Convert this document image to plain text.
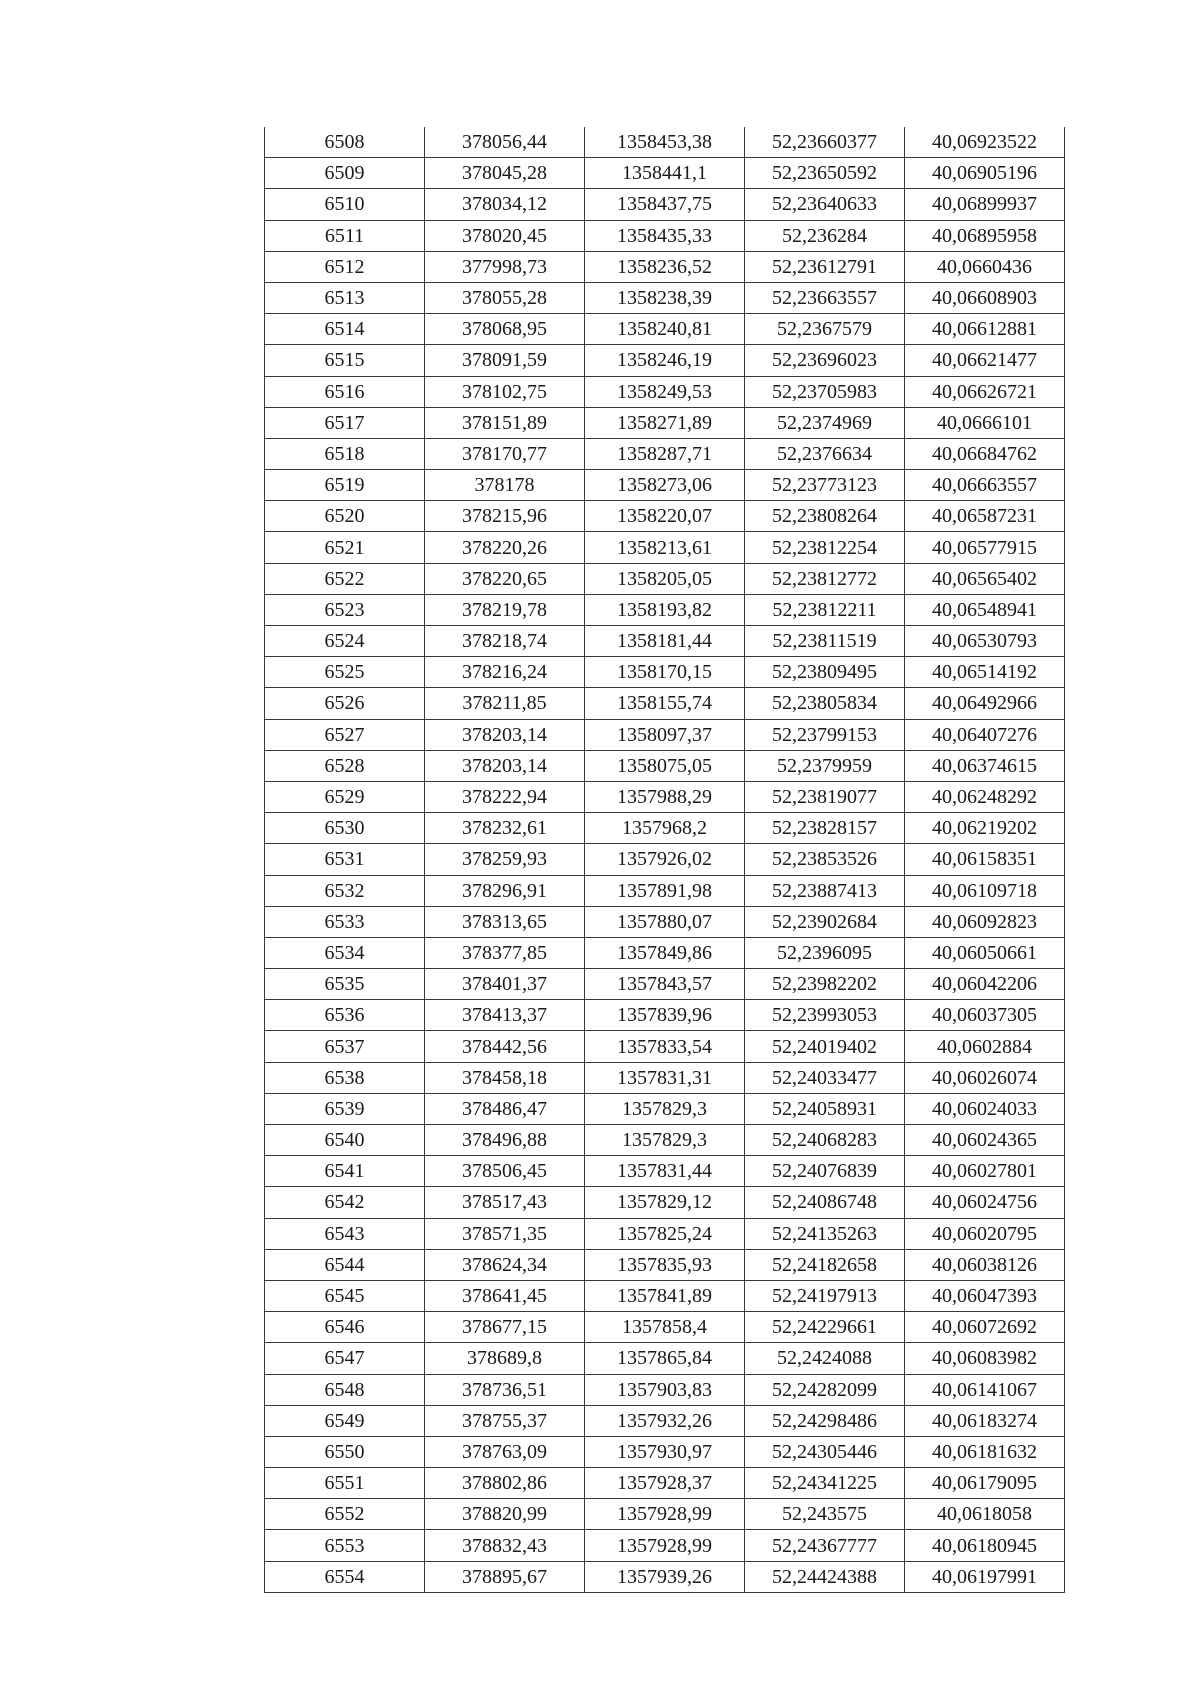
6508	378056,44	1358453,38	52,23660377	40,06923522
6509	378045,28	1358441,1	52,23650592	40,06905196
6510	378034,12	1358437,75	52,23640633	40,06899937
6511	378020,45	1358435,33	52,236284	40,06895958
6512	377998,73	1358236,52	52,23612791	40,0660436
6513	378055,28	1358238,39	52,23663557	40,06608903
6514	378068,95	1358240,81	52,2367579	40,06612881
6515	378091,59	1358246,19	52,23696023	40,06621477
6516	378102,75	1358249,53	52,23705983	40,06626721
6517	378151,89	1358271,89	52,2374969	40,0666101
6518	378170,77	1358287,71	52,2376634	40,06684762
6519	378178	1358273,06	52,23773123	40,06663557
6520	378215,96	1358220,07	52,23808264	40,06587231
6521	378220,26	1358213,61	52,23812254	40,06577915
6522	378220,65	1358205,05	52,23812772	40,06565402
6523	378219,78	1358193,82	52,23812211	40,06548941
6524	378218,74	1358181,44	52,23811519	40,06530793
6525	378216,24	1358170,15	52,23809495	40,06514192
6526	378211,85	1358155,74	52,23805834	40,06492966
6527	378203,14	1358097,37	52,23799153	40,06407276
6528	378203,14	1358075,05	52,2379959	40,06374615
6529	378222,94	1357988,29	52,23819077	40,06248292
6530	378232,61	1357968,2	52,23828157	40,06219202
6531	378259,93	1357926,02	52,23853526	40,06158351
6532	378296,91	1357891,98	52,23887413	40,06109718
6533	378313,65	1357880,07	52,23902684	40,06092823
6534	378377,85	1357849,86	52,2396095	40,06050661
6535	378401,37	1357843,57	52,23982202	40,06042206
6536	378413,37	1357839,96	52,23993053	40,06037305
6537	378442,56	1357833,54	52,24019402	40,0602884
6538	378458,18	1357831,31	52,24033477	40,06026074
6539	378486,47	1357829,3	52,24058931	40,06024033
6540	378496,88	1357829,3	52,24068283	40,06024365
6541	378506,45	1357831,44	52,24076839	40,06027801
6542	378517,43	1357829,12	52,24086748	40,06024756
6543	378571,35	1357825,24	52,24135263	40,06020795
6544	378624,34	1357835,93	52,24182658	40,06038126
6545	378641,45	1357841,89	52,24197913	40,06047393
6546	378677,15	1357858,4	52,24229661	40,06072692
6547	378689,8	1357865,84	52,2424088	40,06083982
6548	378736,51	1357903,83	52,24282099	40,06141067
6549	378755,37	1357932,26	52,24298486	40,06183274
6550	378763,09	1357930,97	52,24305446	40,06181632
6551	378802,86	1357928,37	52,24341225	40,06179095
6552	378820,99	1357928,99	52,243575	40,0618058
6553	378832,43	1357928,99	52,24367777	40,06180945
6554	378895,67	1357939,26	52,24424388	40,06197991
